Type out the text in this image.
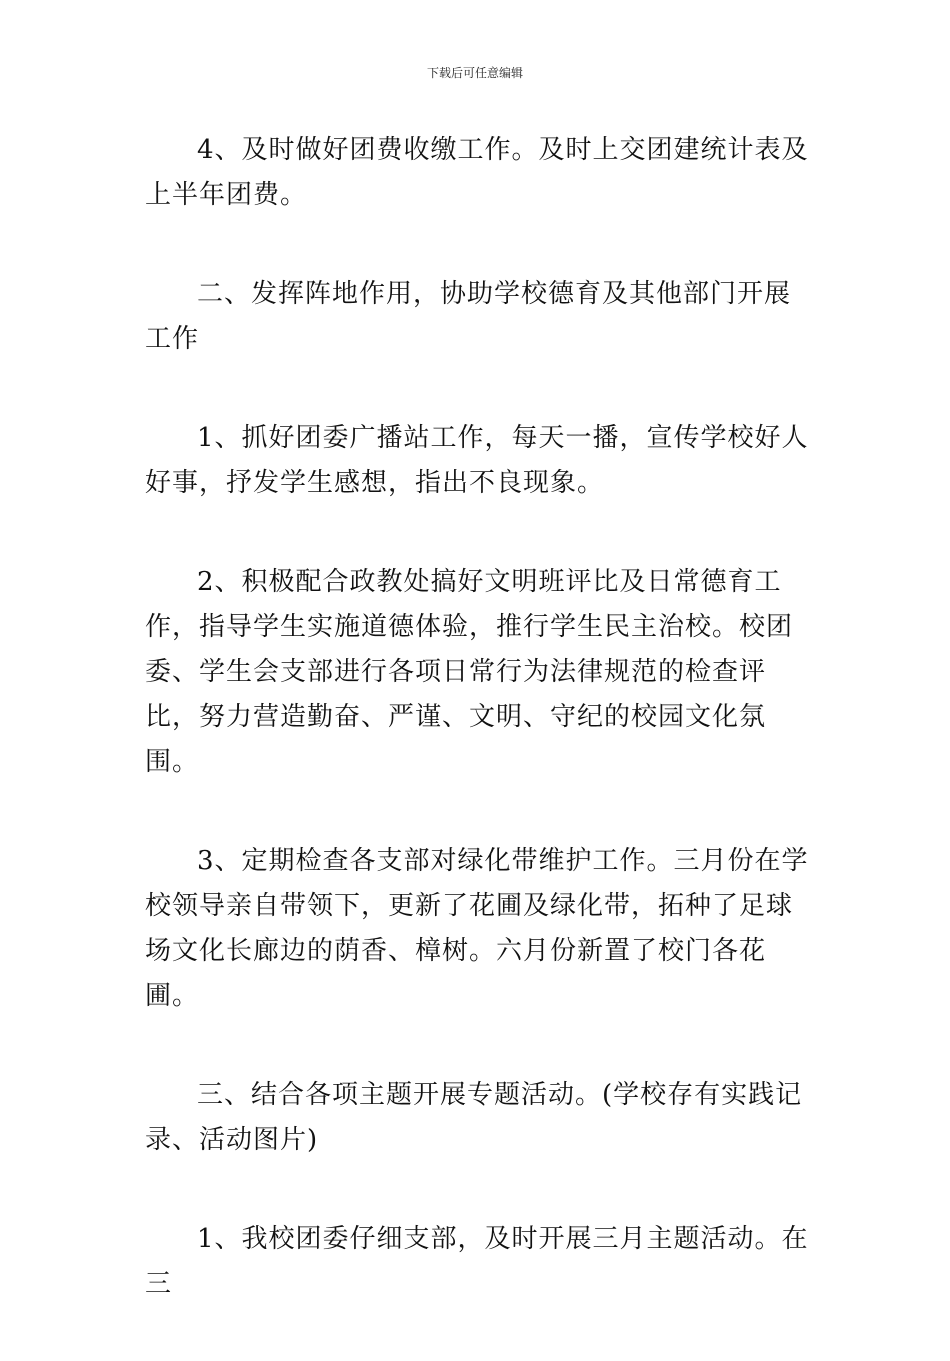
下载后可任意编辑

4、及时做好团费收缴工作。及时上交团建统计表及上半年团费。

二、发挥阵地作用，协助学校德育及其他部门开展工作

1、抓好团委广播站工作，每天一播，宣传学校好人好事，抒发学生感想，指出不良现象。

2、积极配合政教处搞好文明班评比及日常德育工作，指导学生实施道德体验，推行学生民主治校。校团委、学生会支部进行各项日常行为法律规范的检查评比，努力营造勤奋、严谨、文明、守纪的校园文化氛围。

3、定期检查各支部对绿化带维护工作。三月份在学校领导亲自带领下，更新了花圃及绿化带，拓种了足球场文化长廊边的荫香、樟树。六月份新置了校门各花圃。

三、结合各项主题开展专题活动。(学校存有实践记录、活动图片)

1、我校团委仔细支部，及时开展三月主题活动。在三
